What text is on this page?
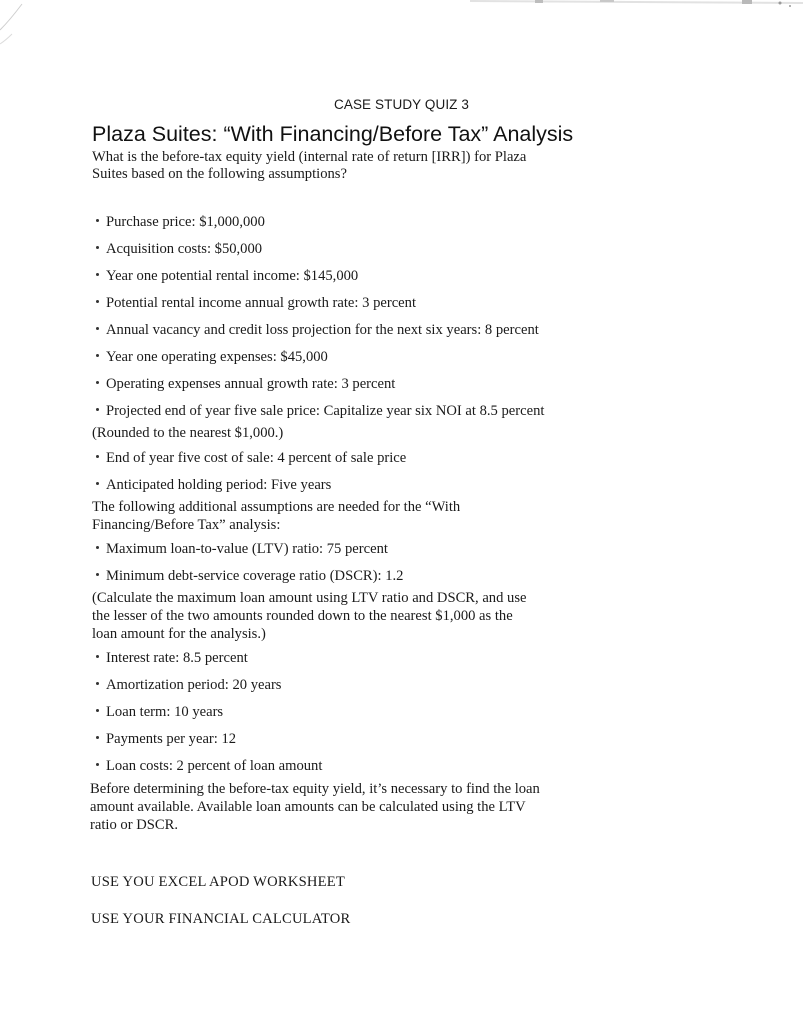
CASE STUDY QUIZ 3
Plaza Suites: “With Financing/Before Tax” Analysis
What is the before-tax equity yield (internal rate of return [IRR]) for Plaza
Suites based on the following assumptions?
Purchase price: $1,000,000
Acquisition costs: $50,000
Year one potential rental income: $145,000
Potential rental income annual growth rate: 3 percent
Annual vacancy and credit loss projection for the next six years: 8 percent
Year one operating expenses: $45,000
Operating expenses annual growth rate: 3 percent
Projected end of year five sale price: Capitalize year six NOI at 8.5 percent
(Rounded to the nearest $1,000.)
End of year five cost of sale: 4 percent of sale price
Anticipated holding period: Five years
The following additional assumptions are needed for the “With
Financing/Before Tax” analysis:
Maximum loan-to-value (LTV) ratio: 75 percent
Minimum debt-service coverage ratio (DSCR): 1.2
(Calculate the maximum loan amount using LTV ratio and DSCR, and use
the lesser of the two amounts rounded down to the nearest $1,000 as the
loan amount for the analysis.)
Interest rate: 8.5 percent
Amortization period: 20 years
Loan term: 10 years
Payments per year: 12
Loan costs: 2 percent of loan amount
Before determining the before-tax equity yield, it’s necessary to find the loan
amount available. Available loan amounts can be calculated using the LTV
ratio or DSCR.
USE YOU EXCEL APOD WORKSHEET
USE YOUR FINANCIAL CALCULATOR
